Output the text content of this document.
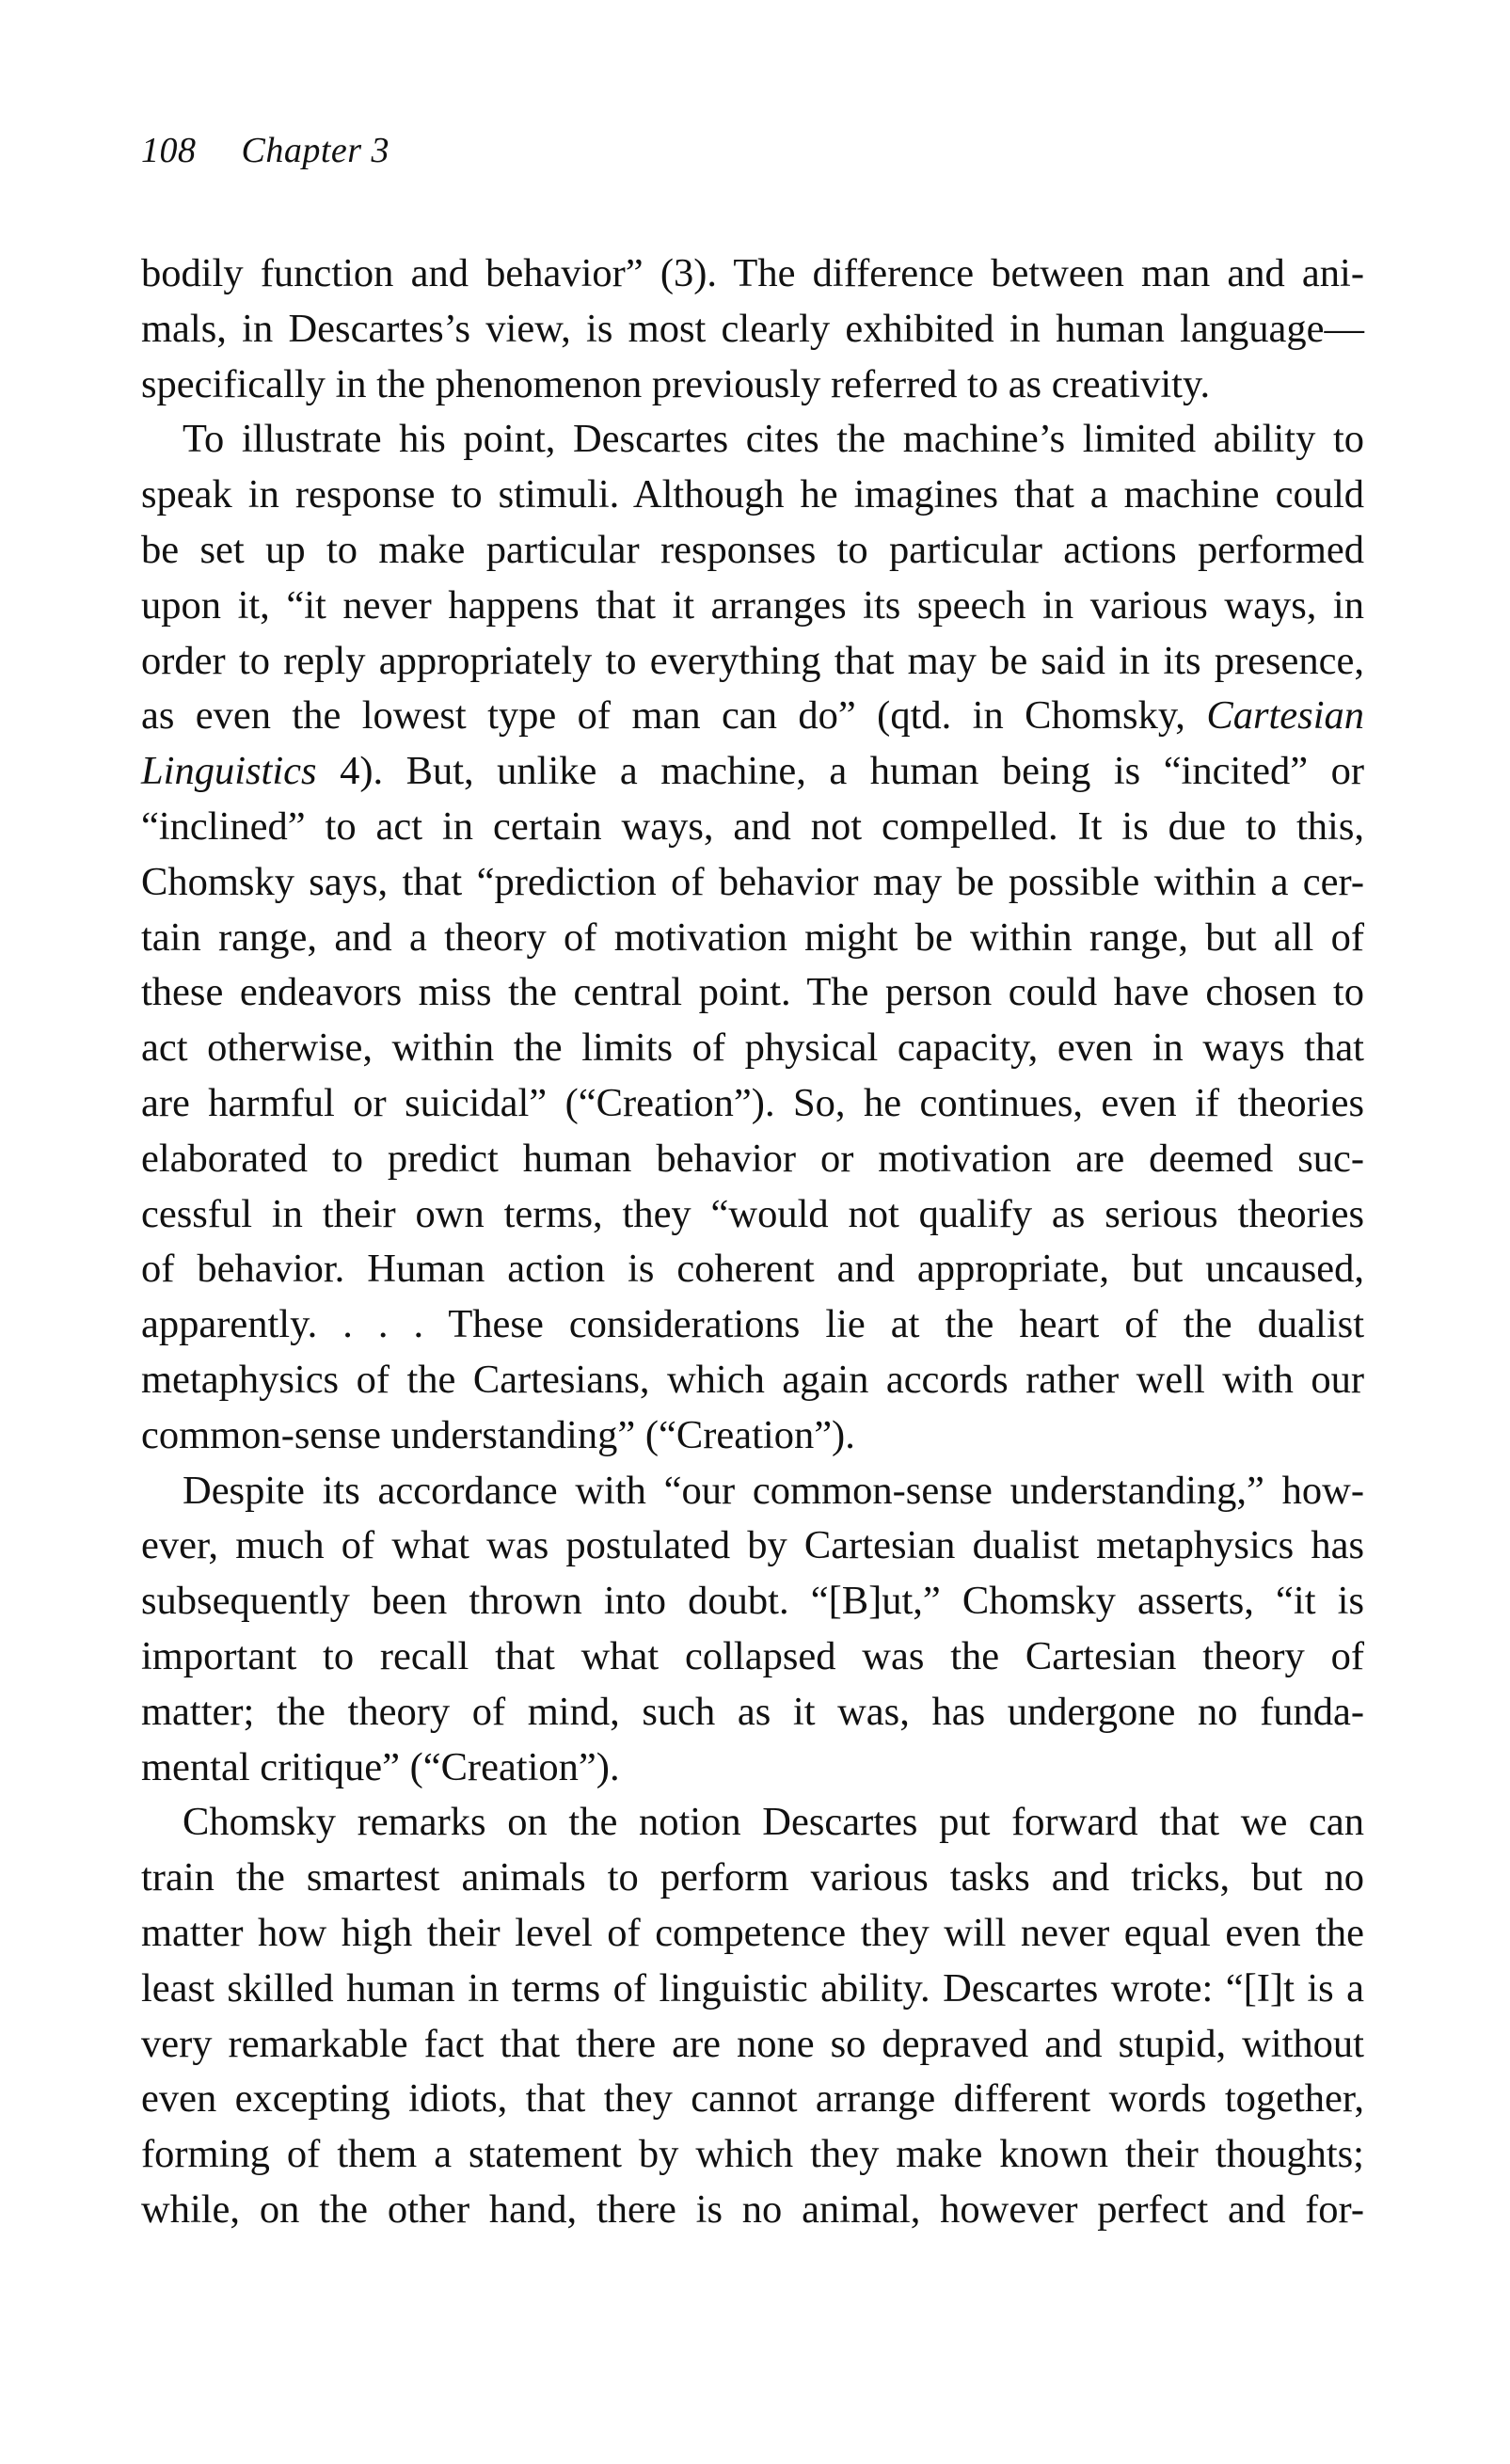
108 Chapter 3
bodily function and behavior” (3). The difference between man and ani-
mals, in Descartes’s view, is most clearly exhibited in human language—
specifically in the phenomenon previously referred to as creativity.
To illustrate his point, Descartes cites the machine’s limited ability to
speak in response to stimuli. Although he imagines that a machine could
be set up to make particular responses to particular actions performed
upon it, “it never happens that it arranges its speech in various ways, in
order to reply appropriately to everything that may be said in its presence,
as even the lowest type of man can do” (qtd. in Chomsky, Cartesian
Linguistics 4). But, unlike a machine, a human being is “incited” or
“inclined” to act in certain ways, and not compelled. It is due to this,
Chomsky says, that “prediction of behavior may be possible within a cer-
tain range, and a theory of motivation might be within range, but all of
these endeavors miss the central point. The person could have chosen to
act otherwise, within the limits of physical capacity, even in ways that
are harmful or suicidal” (“Creation”). So, he continues, even if theories
elaborated to predict human behavior or motivation are deemed suc-
cessful in their own terms, they “would not qualify as serious theories
of behavior. Human action is coherent and appropriate, but uncaused,
apparently. . . . These considerations lie at the heart of the dualist
metaphysics of the Cartesians, which again accords rather well with our
common-sense understanding” (“Creation”).
Despite its accordance with “our common-sense understanding,” how-
ever, much of what was postulated by Cartesian dualist metaphysics has
subsequently been thrown into doubt. “[B]ut,” Chomsky asserts, “it is
important to recall that what collapsed was the Cartesian theory of
matter; the theory of mind, such as it was, has undergone no funda-
mental critique” (“Creation”).
Chomsky remarks on the notion Descartes put forward that we can
train the smartest animals to perform various tasks and tricks, but no
matter how high their level of competence they will never equal even the
least skilled human in terms of linguistic ability. Descartes wrote: “[I]t is a
very remarkable fact that there are none so depraved and stupid, without
even excepting idiots, that they cannot arrange different words together,
forming of them a statement by which they make known their thoughts;
while, on the other hand, there is no animal, however perfect and for-
